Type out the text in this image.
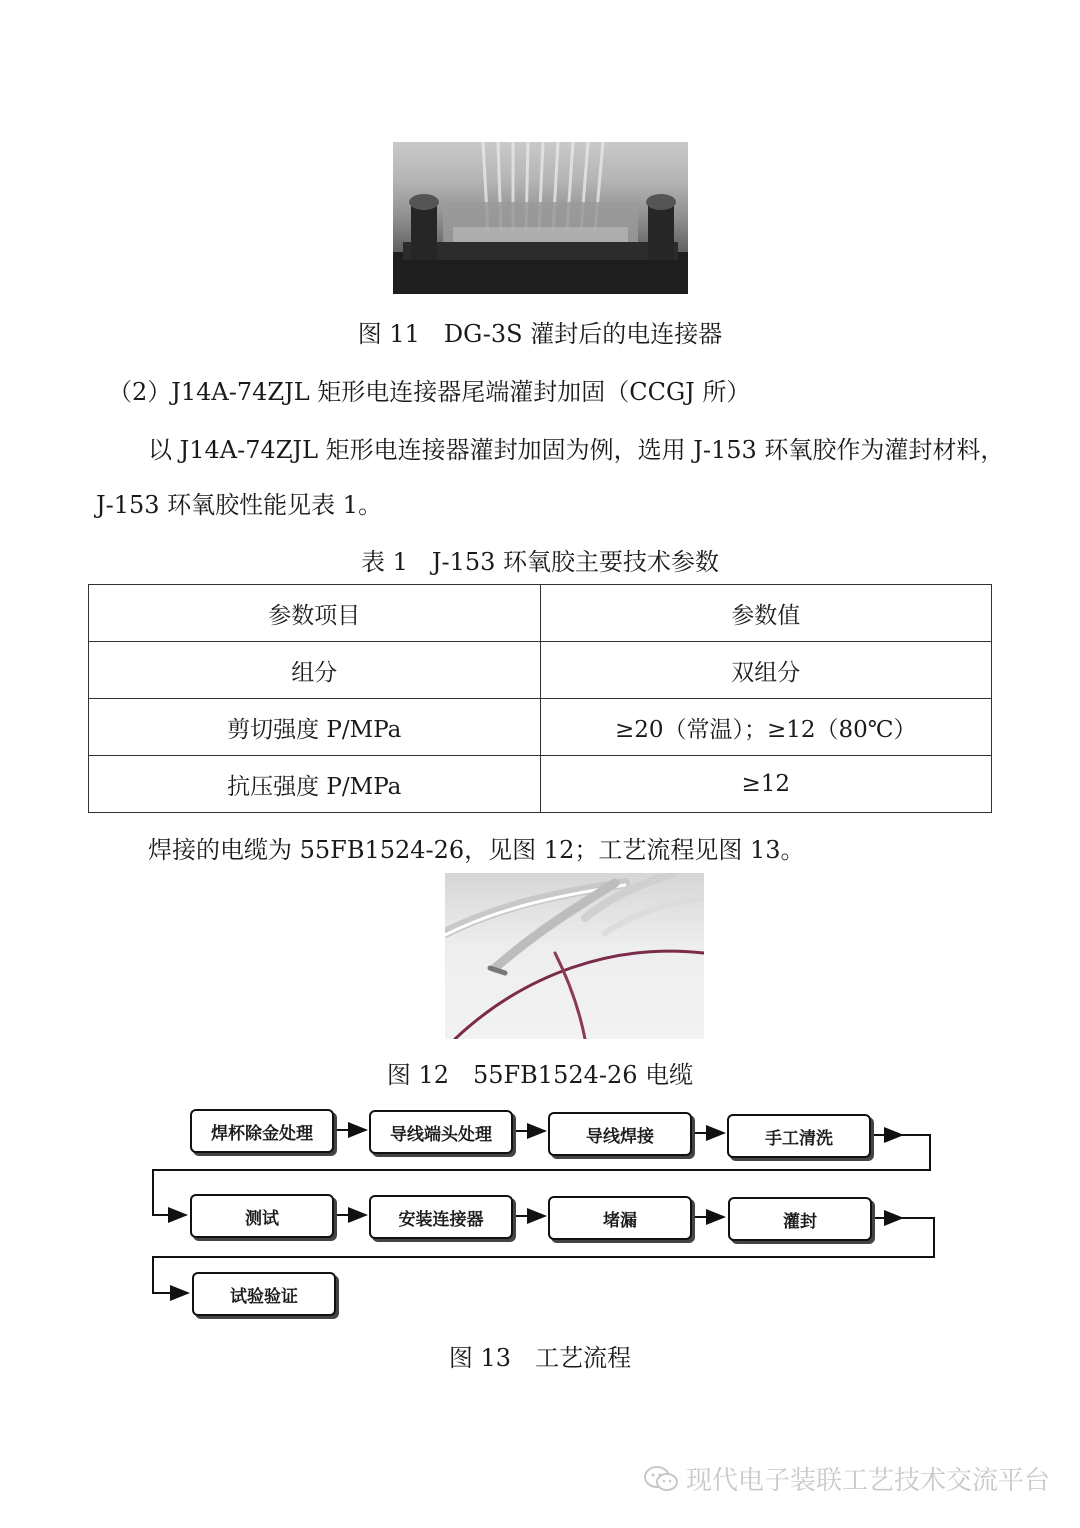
图 11　DG-3S 灌封后的电连接器
（2）J14A-74ZJL 矩形电连接器尾端灌封加固（CCGJ 所）
以 J14A-74ZJL 矩形电连接器灌封加固为例，选用 J-153 环氧胶作为灌封材料，
J-153 环氧胶性能见表 1。
表 1　J-153 环氧胶主要技术参数
参数项目	参数值
组分	双组分
剪切强度 P/MPa	≥20（常温）；≥12（80℃）
抗压强度 P/MPa	≥12
焊接的电缆为 55FB1524-26，见图 12；工艺流程见图 13。
图 12　55FB1524-26 电缆
焊杯除金处理	导线端头处理	导线焊接	手工清洗
测试	安装连接器	堵漏	灌封
试验验证
图 13　工艺流程
现代电子装联工艺技术交流平台
